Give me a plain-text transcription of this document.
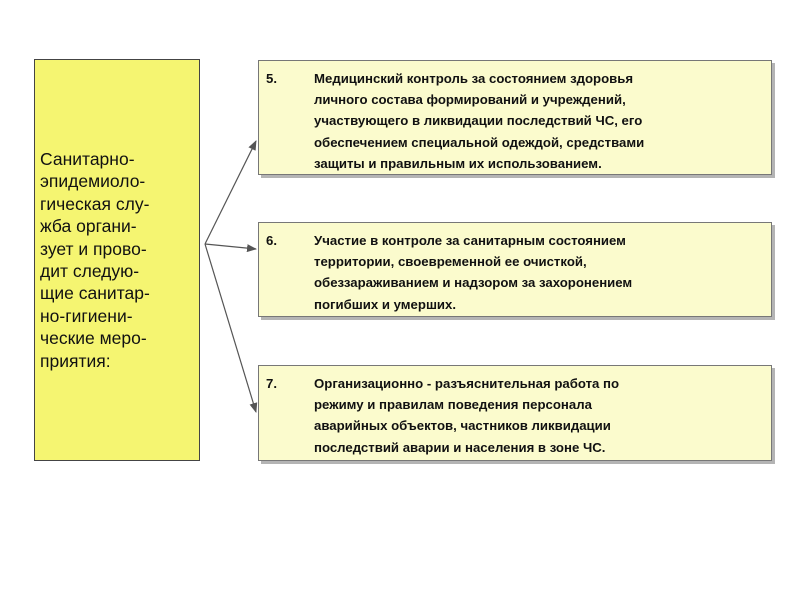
Санитарно-
эпидемиоло-
гическая слу-
жба органи-
зует и прово-
дит следую-
щие санитар-
но-гигиени-
ческие меро-
приятия:
5.	Медицинский контроль за состоянием здоровья
личного состава формирований и учреждений,
участвующего в ликвидации последствий ЧС, его
обеспечением специальной одеждой, средствами
защиты и правильным их использованием.
6.	Участие в контроле за санитарным состоянием
территории, своевременной ее очисткой,
обеззараживанием и надзором за захоронением
погибших и умерших.
7.	Организационно - разъяснительная работа по
режиму и правилам поведения персонала
аварийных объектов, частников ликвидации
последствий аварии и населения в зоне ЧС.
